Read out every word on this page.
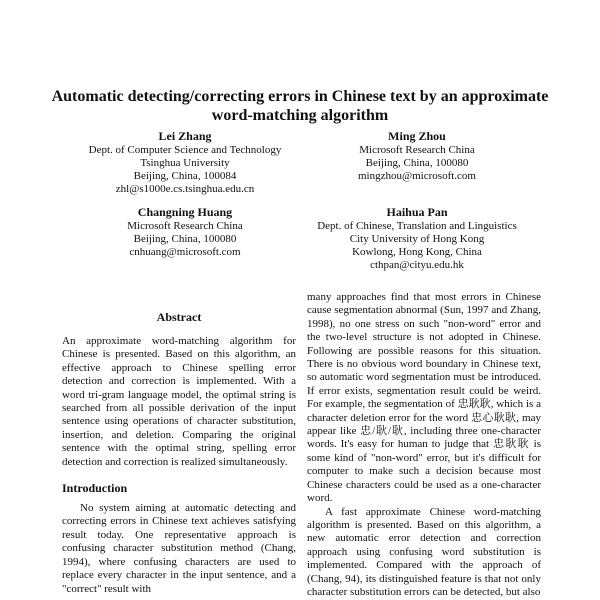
Automatic detecting/correcting errors in Chinese text by an approximate word-matching algorithm
Lei Zhang
Dept. of Computer Science and Technology
Tsinghua University
Beijing, China, 100084
zhl@s1000e.cs.tsinghua.edu.cn
Ming Zhou
Microsoft Research China
Beijing, China, 100080
mingzhou@microsoft.com
Changning Huang
Microsoft Research China
Beijing, China, 100080
cnhuang@microsoft.com
Haihua Pan
Dept. of Chinese, Translation and Linguistics
City University of Hong Kong
Kowlong, Hong Kong, China
cthpan@cityu.edu.hk
Abstract

An approximate word-matching algorithm for Chinese is presented. Based on this algorithm, an effective approach to Chinese spelling error detection and correction is implemented. With a word tri-gram language model, the optimal string is searched from all possible derivation of the input sentence using operations of character substitution, insertion, and deletion. Comparing the original sentence with the optimal string, spelling error detection and correction is realized simultaneously.

Introduction

No system aiming at automatic detecting and correcting errors in Chinese text achieves satisfying result today. One representative approach is confusing character substitution method (Chang, 1994), where confusing characters are used to replace every character in the input sentence, and a "correct" result with

many approaches find that most errors in Chinese cause segmentation abnormal (Sun, 1997 and Zhang, 1998), no one stress on such "non-word" error and the two-level structure is not adopted in Chinese. Following are possible reasons for this situation. There is no obvious word boundary in Chinese text, so automatic word segmentation must be introduced. If error exists, segmentation result could be weird. For example, the segmentation of 忠耿耿, which is a character deletion error for the word 忠心耿耿, may appear like 忠/耿/耿, including three one-character words. It's easy for human to judge that 忠耿耿 is some kind of "non-word" error, but it's difficult for computer to make such a decision because most Chinese characters could be used as a one-character word.

A fast approximate Chinese word-matching algorithm is presented. Based on this algorithm, a new automatic error detection and correction approach using confusing word substitution is implemented. Compared with the approach of (Chang, 94), its distinguished feature is that not only character substitution errors can be detected, but also
